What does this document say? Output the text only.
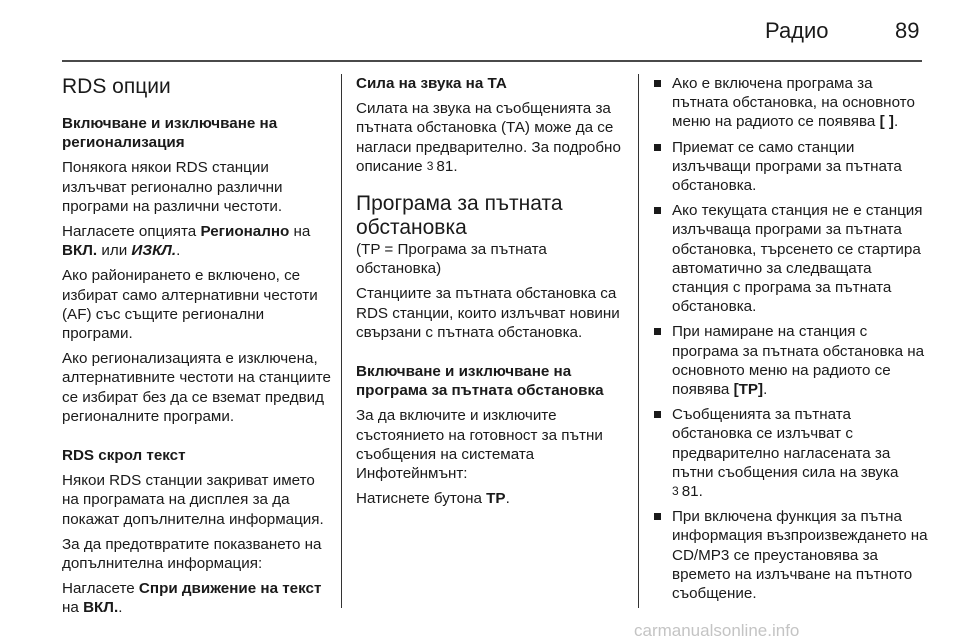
Радио	89
RDS опции

Включване и изключване на регионализация

Понякога някои RDS станции излъчват регионално различни програми на различни честоти.

Нагласете опцията Регионално на ВКЛ. или ИЗКЛ..

Ако районирането е включено, се избират само алтернативни честоти (AF) със същите регионални програми.

Ако регионализацията е изключена, алтернативните честоти на станциите се избират без да се вземат предвид регионалните програми.

RDS скрол текст

Някои RDS станции закриват името на програмата на дисплея за да покажат допълнителна информация.

За да предотвратите показването на допълнителна информация:

Нагласете Спри движение на текст на ВКЛ..

Сила на звука на ТА

Силата на звука на съобщенията за пътната обстановка (ТА) може да се нагласи предварително. За подробно описание 3 81.

Програма за пътната обстановка

(TP = Програма за пътната обстановка)

Станциите за пътната обстановка са RDS станции, които излъчват новини свързани с пътната обстановка.

Включване и изключване на програма за пътната обстановка

За да включите и изключите състоянието на готовност за пътни съобщения на системата Инфотейнмънт:

Натиснете бутона TP.

Ако е включена програма за пътната обстановка, на основното меню на радиото се появява [ ].
Приемат се само станции излъчващи програми за пътната обстановка.
Ако текущата станция не е станция излъчваща програми за пътната обстановка, търсенето се стартира автоматично за следващата станция с програма за пътната обстановка.
При намиране на станция с програма за пътната обстановка на основното меню на радиото се появява [TP].
Съобщенията за пътната обстановка се излъчват с предварително нагласената за пътни съобщения сила на звука
3 81.
При включена функция за пътна информация възпроизвеждането на CD/MP3 се преустановява за времето на излъчване на пътното съобщение.
carmanualsonline.info
